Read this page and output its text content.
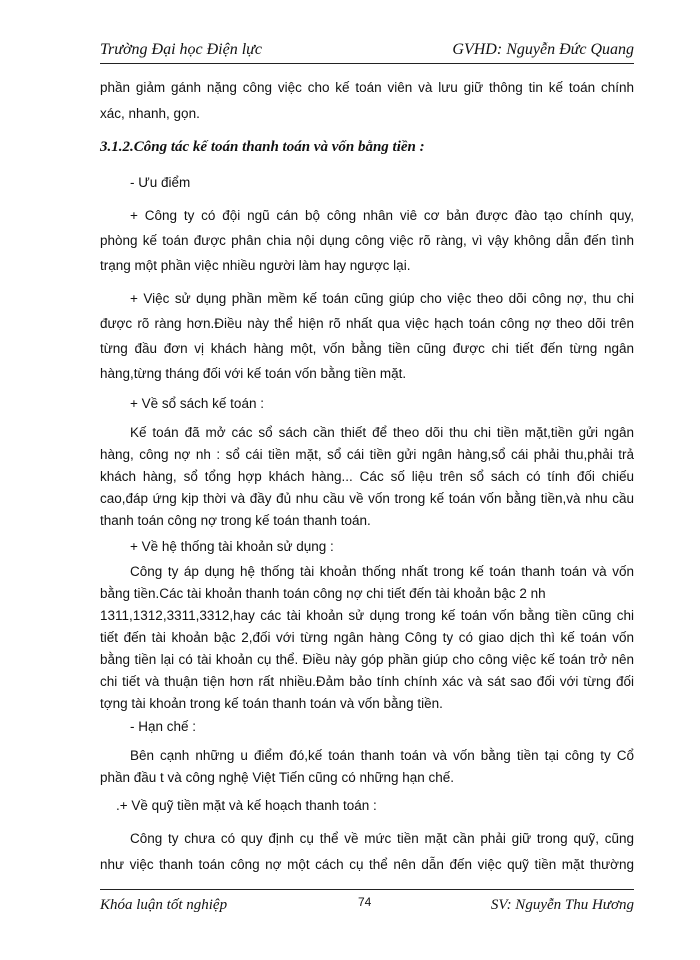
Trường Đại học Điện lực	GVHD: Nguyễn Đức Quang
phần giảm gánh nặng công việc cho kế toán viên và lưu giữ thông tin kế toán chính
xác, nhanh, gọn.
3.1.2.Công tác kế toán thanh toán và vốn bằng tiền :
- Ưu điểm
+ Công ty có đội ngũ cán bộ công nhân viê cơ bản được đào tạo chính quy,
phòng kế toán được phân chia nội dụng công việc rõ ràng, vì vậy không dẫn đến tình
trạng một phần việc nhiều người làm hay ngược lại.
+ Việc sử dụng phần mềm kế toán cũng giúp cho việc theo dõi công nợ, thu chi
được rõ ràng hơn.Điều này thể hiện rõ nhất qua việc hạch toán công nợ theo dõi trên
từng đầu đơn vị khách hàng một, vốn bằng tiền cũng được chi tiết đến từng ngân
hàng,từng tháng đối với kế toán vốn bằng tiền mặt.
+ Về sổ sách kế toán :
Kế toán đã mở các sổ sách cần thiết để theo dõi thu chi tiền mặt,tiền gửi ngân
hàng, công nợ nh : sổ cái tiền mặt, sổ cái tiền gửi ngân hàng,sổ cái phải thu,phải trả
khách hàng, sổ tổng hợp khách hàng... Các số liệu trên sổ sách có tính đối chiếu
cao,đáp ứng kịp thời và đầy đủ nhu cầu về vốn trong kế toán vốn bằng tiền,và nhu cầu
thanh toán công nợ trong kế toán thanh toán.
+ Về hệ thống tài khoản sử dụng :
Công ty áp dụng hệ thống tài khoản thống nhất trong kế toán thanh toán và vốn
bằng tiền.Các tài khoản thanh toán công nợ chi tiết đến tài khoản bậc 2 nh
1311,1312,3311,3312,hay các tài khoản sử dụng trong kế toán vốn bằng tiền cũng chi
tiết đến tài khoản bậc 2,đối với từng ngân hàng Công ty có giao dịch thì kế toán vốn
bằng tiền lại có tài khoản cụ thể. Điều này góp phần giúp cho công việc kế toán trở nên
chi tiết và thuận tiện hơn rất nhiều.Đảm bảo tính chính xác và sát sao đối với từng đối
tợng tài khoản trong kế toán thanh toán và vốn bằng tiền.
- Hạn chế :
Bên cạnh những u điểm đó,kế toán thanh toán và vốn bằng tiền tại công ty Cổ
phần đầu t và công nghệ Việt Tiến cũng có những hạn chế.
.+ Về quỹ tiền mặt và kế hoạch thanh toán :
Công ty chưa có quy định cụ thể về mức tiền mặt cần phải giữ trong quỹ, cũng
như việc thanh toán công nợ một cách cụ thể nên dẫn đến việc quỹ tiền mặt thường
Khóa luận tốt nghiệp	74	SV: Nguyễn Thu Hương
